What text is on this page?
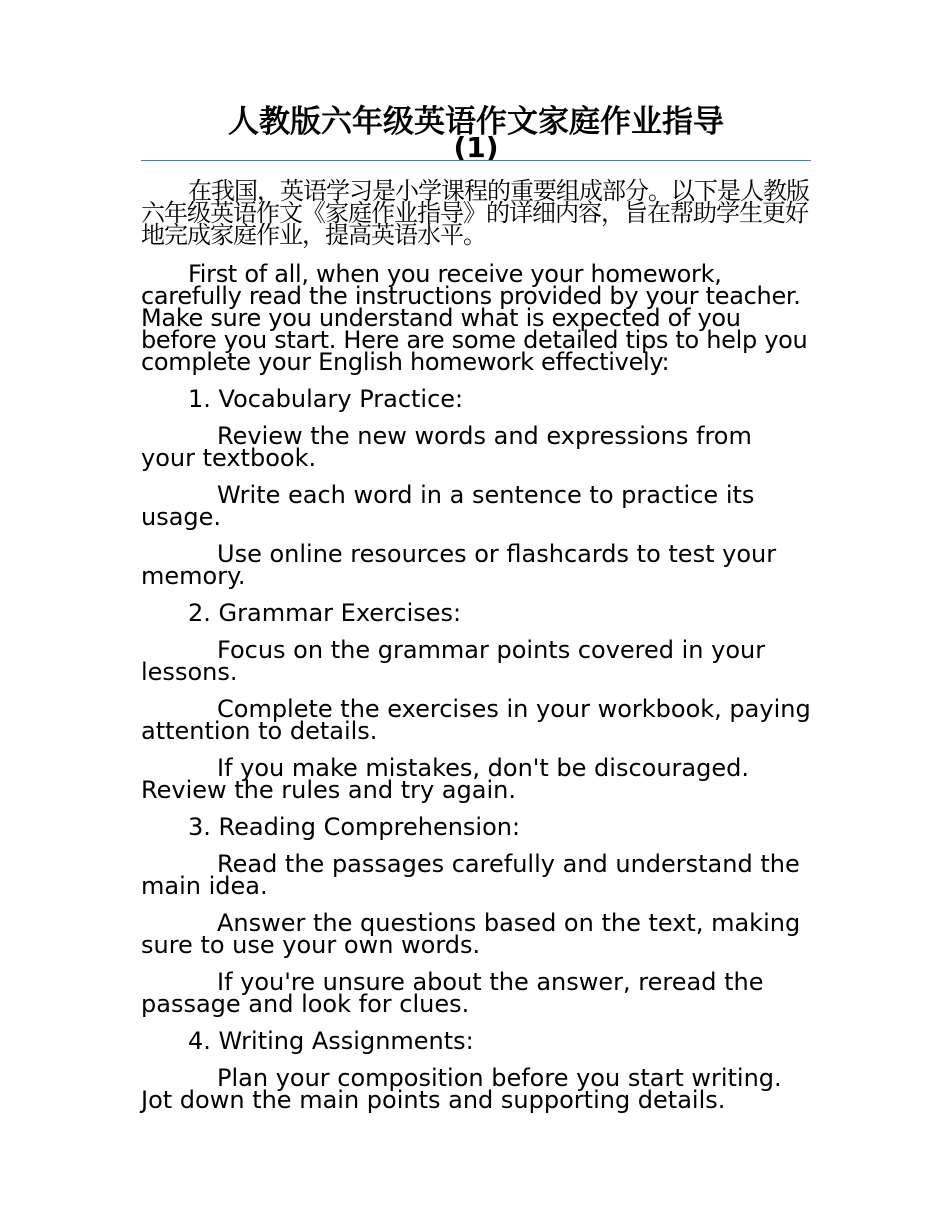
人教版六年级英语作文家庭作业指导
(1)

在我国，英语学习是小学课程的重要组成部分。以下是人教版六年级英语作文《家庭作业指导》的详细内容，旨在帮助学生更好地完成家庭作业，提高英语水平。

First of all, when you receive your homework, carefully read the instructions provided by your teacher. Make sure you understand what is expected of you before you start. Here are some detailed tips to help you complete your English homework effectively:

1. Vocabulary Practice:

Review the new words and expressions from your textbook.

Write each word in a sentence to practice its usage.

Use online resources or flashcards to test your memory.

2. Grammar Exercises:

Focus on the grammar points covered in your lessons.

Complete the exercises in your workbook, paying attention to details.

If you make mistakes, don't be discouraged. Review the rules and try again.

3. Reading Comprehension:

Read the passages carefully and understand the main idea.

Answer the questions based on the text, making sure to use your own words.

If you're unsure about the answer, reread the passage and look for clues.

4. Writing Assignments:

Plan your composition before you start writing. Jot down the main points and supporting details.
